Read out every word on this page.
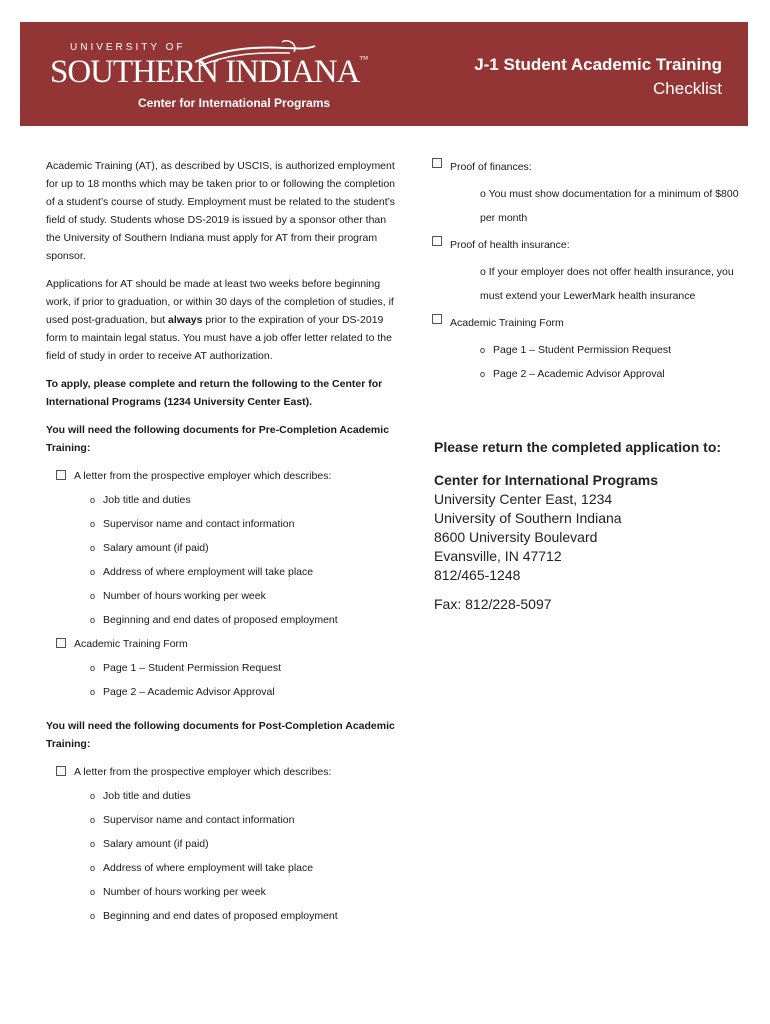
UNIVERSITY OF
SOUTHERN INDIANA™
Center for International Programs
J-1 Student Academic Training
Checklist

Academic Training (AT), as described by USCIS, is authorized employment for up to 18 months which may be taken prior to or following the completion of a student’s course of study. Employment must be related to the student’s field of study. Students whose DS-2019 is issued by a sponsor other than the University of Southern Indiana must apply for AT from their program sponsor.

Applications for AT should be made at least two weeks before beginning work, if prior to graduation, or within 30 days of the completion of studies, if used post-graduation, but always prior to the expiration of your DS-2019 form to maintain legal status. You must have a job offer letter related to the field of study in order to receive AT authorization.

To apply, please complete and return the following to the Center for International Programs (1234 University Center East).

You will need the following documents for Pre-Completion Academic Training:

A letter from the prospective employer which describes:
o Job title and duties
o Supervisor name and contact information
o Salary amount (if paid)
o Address of where employment will take place
o Number of hours working per week
o Beginning and end dates of proposed employment
Academic Training Form
o Page 1 – Student Permission Request
o Page 2 – Academic Advisor Approval

You will need the following documents for Post-Completion Academic Training:

A letter from the prospective employer which describes:
o Job title and duties
o Supervisor name and contact information
o Salary amount (if paid)
o Address of where employment will take place
o Number of hours working per week
o Beginning and end dates of proposed employment
Proof of finances:
o You must show documentation for a minimum of $800 per month
Proof of health insurance:
o If your employer does not offer health insurance, you must extend your LewerMark health insurance
Academic Training Form
o Page 1 – Student Permission Request
o Page 2 – Academic Advisor Approval
Please return the completed application to:
Center for International Programs
University Center East, 1234
University of Southern Indiana
8600 University Boulevard
Evansville, IN 47712
812/465-1248
Fax: 812/228-5097
